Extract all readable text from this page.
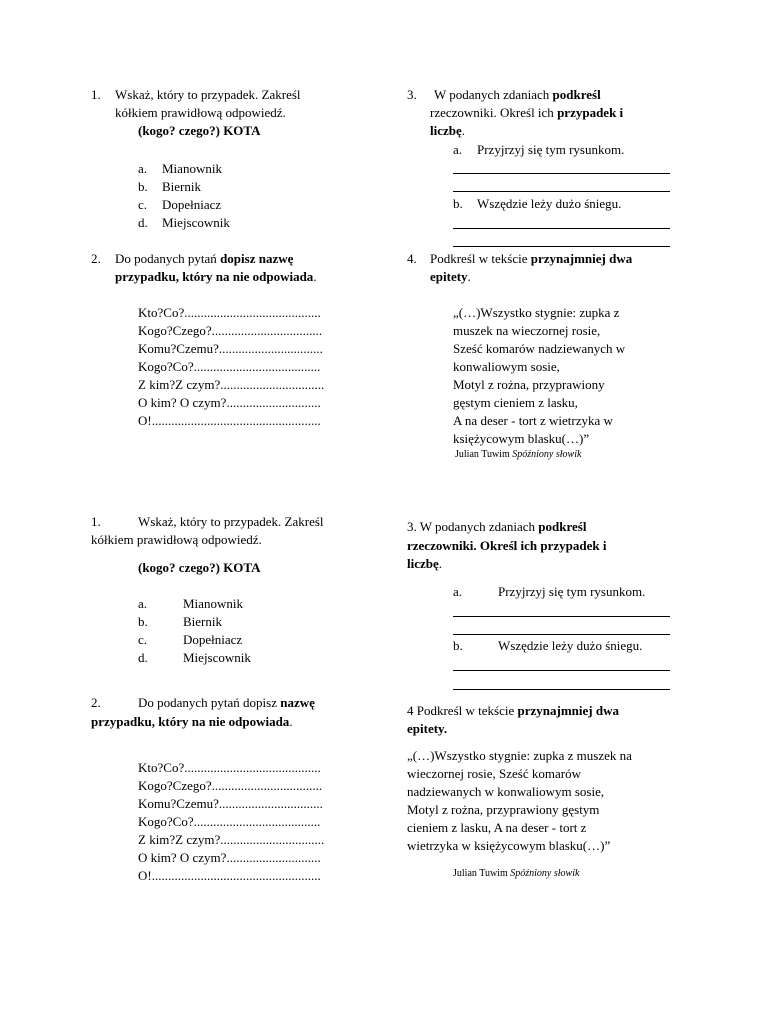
1. Wskaż, który to przypadek. Zakreśl
kółkiem prawidłową odpowiedź.
(kogo? czego?) KOTA
a. Mianownik
b. Biernik
c. Dopełniacz
d. Miejscownik
2. Do podanych pytań dopisz nazwę
przypadku, który na nie odpowiada.
Kto?Co?..........................................
Kogo?Czego?..................................
Komu?Czemu?................................
Kogo?Co?.......................................
Z kim?Z czym?................................
O kim? O czym?.............................
O!....................................................
3. W podanych zdaniach podkreśl
rzeczowniki. Określ ich przypadek i
liczbę.
a. Przyjrzyj się tym rysunkom.
b. Wszędzie leży dużo śniegu.
4. Podkreśl w tekście przynajmniej dwa
epitety.
„(…)Wszystko stygnie: zupka z
muszek na wieczornej rosie,
Sześć komarów nadziewanych w
konwaliowym sosie,
Motyl z rożna, przyprawiony
gęstym cieniem z lasku,
A na deser - tort z wietrzyka w
księżycowym blasku(…)”
Julian Tuwim Spóźniony słowik
1.	Wskaż, który to przypadek. Zakreśl
kółkiem prawidłową odpowiedź.
(kogo? czego?) KOTA
a.	Mianownik
b.	Biernik
c.	Dopełniacz
d.	Miejscownik
2.	Do podanych pytań dopisz nazwę
przypadku, który na nie odpowiada.
Kto?Co?..........................................
Kogo?Czego?..................................
Komu?Czemu?................................
Kogo?Co?.......................................
Z kim?Z czym?................................
O kim? O czym?.............................
O!....................................................
3. W podanych zdaniach podkreśl
rzeczowniki. Określ ich przypadek i
liczbę.
a.	Przyjrzyj się tym rysunkom.
b.	Wszędzie leży dużo śniegu.
4 Podkreśl w tekście przynajmniej dwa
epitety.
„(…)Wszystko stygnie: zupka z muszek na
wieczornej rosie, Sześć komarów
nadziewanych w konwaliowym sosie,
Motyl z rożna, przyprawiony gęstym
cieniem z lasku, A na deser - tort z
wietrzyka w księżycowym blasku(…)”
Julian Tuwim Spóźniony słowik
